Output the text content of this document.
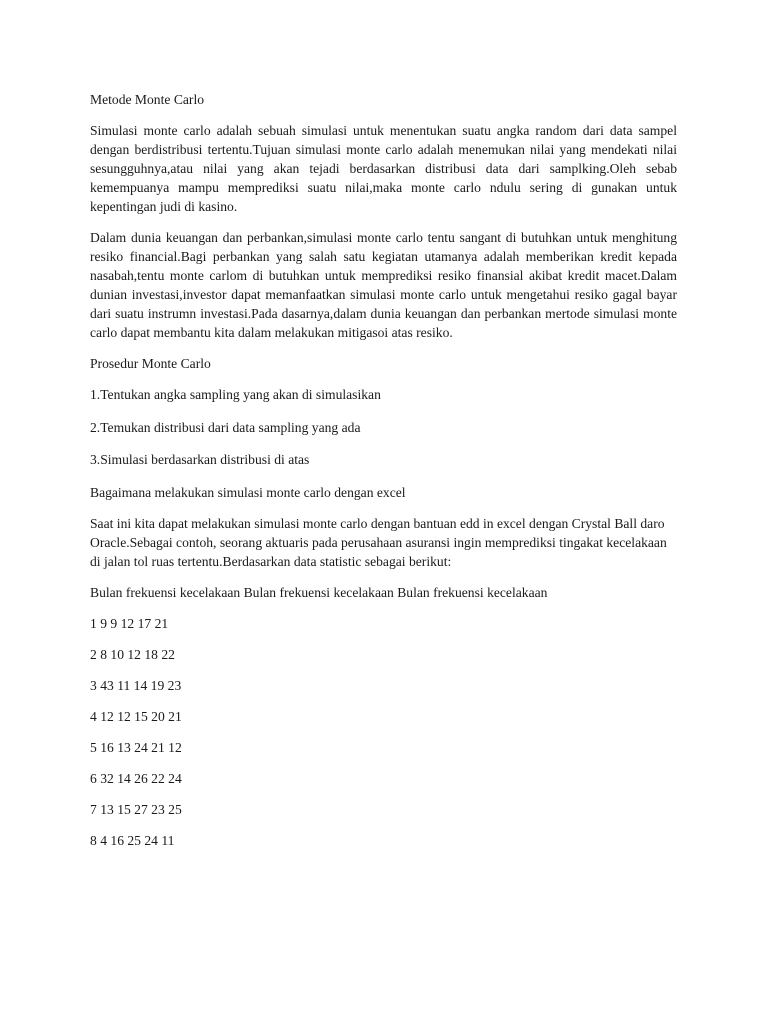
Metode Monte Carlo

Simulasi monte carlo adalah sebuah simulasi untuk menentukan suatu angka random dari data sampel dengan berdistribusi tertentu.Tujuan simulasi monte carlo adalah menemukan nilai yang mendekati nilai sesungguhnya,atau nilai yang akan tejadi berdasarkan distribusi data dari samplking.Oleh sebab kemempuanya mampu memprediksi suatu nilai,maka monte carlo ndulu sering di gunakan untuk kepentingan judi di kasino.

Dalam dunia keuangan dan perbankan,simulasi monte carlo tentu sangant di butuhkan untuk menghitung resiko financial.Bagi perbankan yang salah satu kegiatan utamanya adalah memberikan kredit kepada nasabah,tentu monte carlom di butuhkan untuk memprediksi resiko finansial akibat kredit macet.Dalam dunian investasi,investor dapat memanfaatkan simulasi monte carlo untuk mengetahui resiko gagal bayar dari suatu instrumn investasi.Pada dasarnya,dalam dunia keuangan dan perbankan mertode simulasi monte carlo dapat membantu kita dalam melakukan mitigasoi atas resiko.

Prosedur Monte Carlo

1.Tentukan angka sampling yang akan di simulasikan

2.Temukan distribusi dari data sampling yang ada

3.Simulasi berdasarkan distribusi di atas

Bagaimana melakukan simulasi monte carlo dengan excel

Saat ini kita dapat melakukan simulasi monte carlo dengan bantuan edd in excel dengan Crystal Ball daro Oracle.Sebagai contoh, seorang aktuaris pada perusahaan asuransi ingin memprediksi tingakat kecelakaan di jalan tol ruas tertentu.Berdasarkan data statistic sebagai berikut:

Bulan frekuensi kecelakaan Bulan frekuensi kecelakaan Bulan frekuensi kecelakaan

1 9 9 12 17 21

2 8 10 12 18 22

3 43 11 14 19 23

4 12 12 15 20 21

5 16 13 24 21 12

6 32 14 26 22 24

7 13 15 27 23 25

8 4 16 25 24 11
